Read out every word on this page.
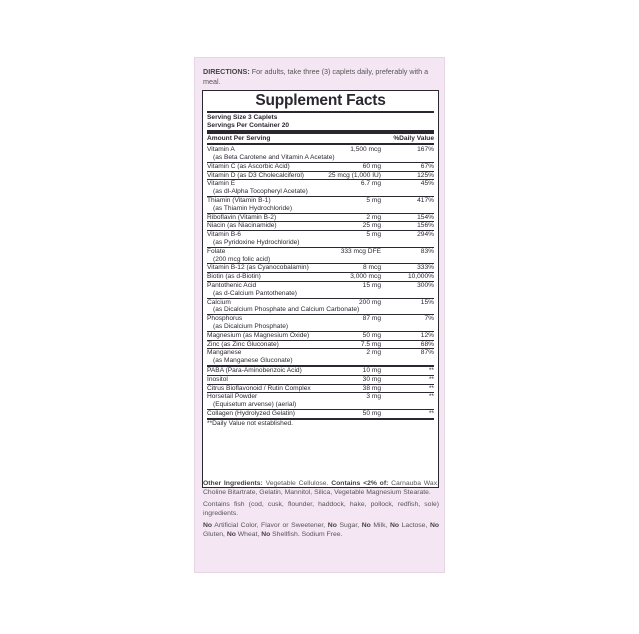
DIRECTIONS: For adults, take three (3) caplets daily, preferably with a meal.
Supplement Facts
Serving Size 3 Caplets
Servings Per Container 20
Amount Per Serving	%Daily Value
Vitamin A	1,500 mcg	167%
(as Beta Carotene and Vitamin A Acetate)
Vitamin C (as Ascorbic Acid)	60 mg	67%
Vitamin D (as D3 Cholecalciferol)	25 mcg (1,000 IU)	125%
Vitamin E	6.7 mg	45%
(as dl-Alpha Tocopheryl Acetate)
Thiamin (Vitamin B-1)	5 mg	417%
(as Thiamin Hydrochloride)
Riboflavin (Vitamin B-2)	2 mg	154%
Niacin (as Niacinamide)	25 mg	156%
Vitamin B-6	5 mg	294%
(as Pyridoxine Hydrochloride)
Folate	333 mcg DFE	83%
(200 mcg folic acid)
Vitamin B-12 (as Cyanocobalamin)	8 mcg	333%
Biotin (as d-Biotin)	3,000 mcg	10,000%
Pantothenic Acid	15 mg	300%
(as d-Calcium Pantothenate)
Calcium	200 mg	15%
(as Dicalcium Phosphate and Calcium Carbonate)
Phosphorus	87 mg	7%
(as Dicalcium Phosphate)
Magnesium (as Magnesium Oxide)	50 mg	12%
Zinc (as Zinc Gluconate)	7.5 mg	68%
Manganese	2 mg	87%
(as Manganese Gluconate)
PABA (Para-Aminobenzoic Acid)	10 mg	**
Inositol	30 mg	**
Citrus Bioflavonoid / Rutin Complex	38 mg	**
Horsetail Powder	3 mg	**
(Equisetum arvense) (aerial)
Collagen (Hydrolyzed Gelatin)	50 mg	**
**Daily Value not established.

Other Ingredients: Vegetable Cellulose. Contains <2% of: Carnauba Wax, Choline Bitartrate, Gelatin, Mannitol, Silica, Vegetable Magnesium Stearate.

Contains fish (cod, cusk, flounder, haddock, hake, pollock, redfish, sole) ingredients.

No Artificial Color, Flavor or Sweetener, No Sugar, No Milk, No Lactose, No Gluten, No Wheat, No Shellfish. Sodium Free.
